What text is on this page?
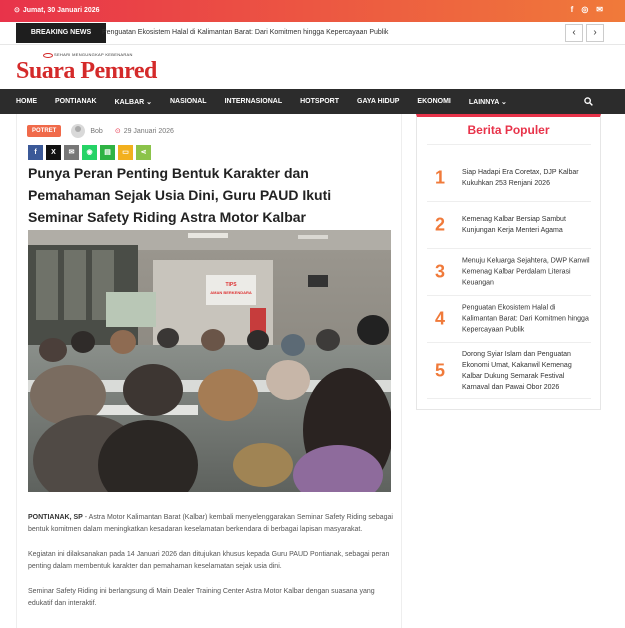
⊙ Jumat, 30 Januari 2026	f ◎ ✉
BREAKING NEWS	Penguatan Ekosistem Halal di Kalimantan Barat: Dari Komitmen hingga Kepercayaan Publik	‹	›
SEHARI MENGUNGKAP KEBENARAN
Suara Pemred
HOME	PONTIANAK	KALBAR ⌄	NASIONAL	INTERNASIONAL	HOTSPORT	GAYA HIDUP	EKONOMI	LAINNYA ⌄
POTRET	Bob ⊙ 29 Januari 2026
f	X	✉	◉	▤	▭	⋖
Punya Peran Penting Bentuk Karakter dan Pemahaman Sejak Usia Dini, Guru PAUD Ikuti Seminar Safety Riding Astra Motor Kalbar
TIPS
AMAN BERKENDARA

PONTIANAK, SP - Astra Motor Kalimantan Barat (Kalbar) kembali menyelenggarakan Seminar Safety Riding sebagai bentuk komitmen dalam meningkatkan kesadaran keselamatan berkendara di berbagai lapisan masyarakat.

Kegiatan ini dilaksanakan pada 14 Januari 2026 dan ditujukan khusus kepada Guru PAUD Pontianak, sebagai peran penting dalam membentuk karakter dan pemahaman keselamatan sejak usia dini.

Seminar Safety Riding ini berlangsung di Main Dealer Training Center Astra Motor Kalbar dengan suasana yang edukatif dan interaktif.

Berita Populer
1 Siap Hadapi Era Coretax, DJP Kalbar Kukuhkan 253 Renjani 2026
2 Kemenag Kalbar Bersiap Sambut Kunjungan Kerja Menteri Agama
3
Menuju Keluarga Sejahtera, DWP Kanwil Kemenag Kalbar Perdalam Literasi Keuangan
4
Penguatan Ekosistem Halal di Kalimantan Barat: Dari Komitmen hingga Kepercayaan Publik
5
Dorong Syiar Islam dan Penguatan Ekonomi Umat, Kakanwil Kemenag Kalbar Dukung Semarak Festival Karnaval dan Pawai Obor 2026
